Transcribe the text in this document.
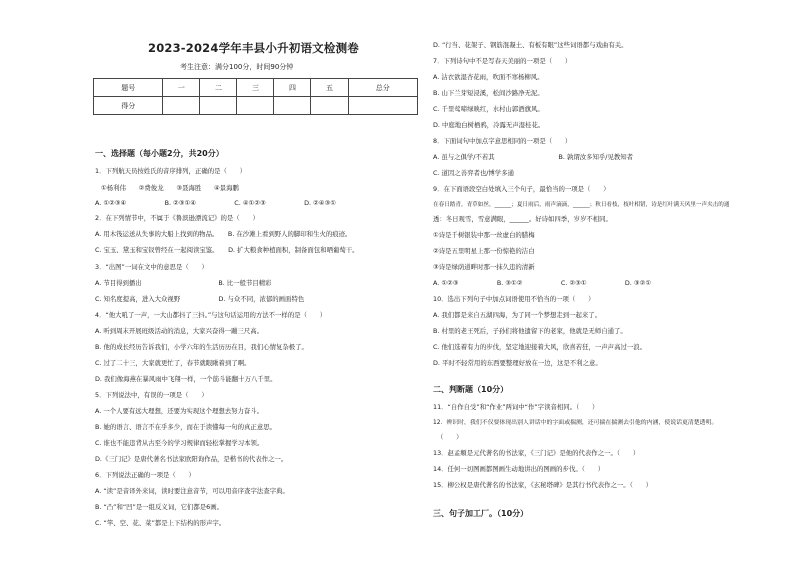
2023-2024学年丰县小升初语文检测卷
考生注意：满分100分，时间90分钟
题号	一	二	三	四	五	总分
得分						
一、选择题（每小题2分，共20分）
1．下列航天员按姓氏的音序排列，正确的是（　　）
①杨利伟　　②费俊龙　　③聂海胜　　④景海鹏
A. ①②③④　　　　　　B. ②③①④　　　　　　C. ④①②③　　　　　　D. ②④③①
2．在下列情节中，不属于《鲁滨逊漂流记》的是（　　）
A. 用木筏运送从失事的大船上找到的物品。　　B. 在沙滩上看到野人的脚印和生火的痕迹。
C. 宝玉、黛玉和宝钗曾经在一起阅读宝鉴。　　D. 扩大粮食种植面积，制备面包和晒葡萄干。
3．“出图”一词在文中的意思是（　　）
A. 节目得到播出　　　　　　　　　　　　B. 比一般节目精彩
C. 知名度提高，进入大众视野　　　　　　D. 与众不同，浓郁的画面特色
4．“他大吼了一声，一大山都抖了三抖。”与这句话运用的方法不一样的是（　　）
A. 听到周末开展班级活动的消息，大家兴奋得一蹦三尺高。
B. 他的成长经历告诉我们，小学六年的生活历历在目，我们心情复杂极了。
C. 过了二十三，大家就更忙了，春节就眼瞅着到了啊。
D. 我们像海燕在暴风雨中飞翔一样，一个筋斗能翻十万八千里。
5．下列说法中，有误的一项是（　　）
A. 一个人要有远大理想，还要为实现这个理想去努力奋斗。
B. 她的语言、语言不在乎多少，而在于读懂每一句的真正意思。
C. 谁也不能违背从古至今的学习规律而轻松掌握学习本领。
D.《三门记》是唐代著名书法家欧阳询作品，是楷书的代表作之一。
6．下列说法正确的一项是（　　）
A. “读”是音译外来词，读时要注意音节，可以用音序查字法查字典。
B. “凸”和“凹”是一组反义词，它们都是6画。
C. “竿、空、花、菜”都是上下结构的形声字。
D. “行当、花架子、钢筋混凝土、有板有眼”这些词语都与戏曲有关。
7．下列诗句中不是写春天美丽的一项是（　　）
A. 沾衣欲湿杏花雨，吹面不寒杨柳风。
B. 山下兰芽短浸溪，松间沙路净无泥。
C. 千里莺啼绿映红，水村山郭酒旗风。
D. 中庭地白树栖鸦，冷露无声湿桂花。
8．下面词句中加点字意思相同的一项是（　　）
A. 虽与之俱学/不若其　　　　　　　　　　B. 孰谓汝多知乎/见教知者
C. 道因之善弈者也/博学多通
9．在下面语段空白处填入三个句子，最恰当的一项是（　　）
在春日踏青，青草如丝，______；夏日雨后，雨声滴滴，______；秋日看枝，枝叶相错，诗是红叶满天风里一声夹击的通
透：冬日观雪，雪意满眼，______。好诗如四季，岁岁不相同。
①诗是千树银装中那一丝虚白的腊梅
②诗是五里明星上那一份惊艳的洁白
③诗是绿荫道畔时那一抹久违的清新
A. ①②③　　　　　　B. ③①②　　　　　　C. ②③①　　　　　　D. ③②①
10．选出下列句子中加点词语使用不恰当的一项（　　）
A. 我们都是来自五湖四海，为了同一个梦想走到一起来了。
B. 村里的老王死后，子孙们将他遗留下的老家，他就是无师自通了。
C. 他们选着有力的步伐，坚定地迎接着大风，欣喜若狂，一声声高过一浪。
D. 平时不轻常用的东西要整理好放在一边，这是不利之意。
二、判断题（10分）
11．“自作自受”和“作业”两词中“作”字读音相同。（　　）
12．辨识时，我们不仅要体现出别人讲话中的字面或揣测，还可揣在揣测去引他的内涵，使说话更清楚透明。
（　　）
13．赵孟頫是元代著名的书法家，《三门记》是他的代表作之一。（　　）
14．任何一切图画都图画生动地讲出的图画的步伐。（　　）
15．柳公权是唐代著名的书法家，《玄秘塔碑》是其行书代表作之一。（　　）
三、句子加工厂。（10分）
